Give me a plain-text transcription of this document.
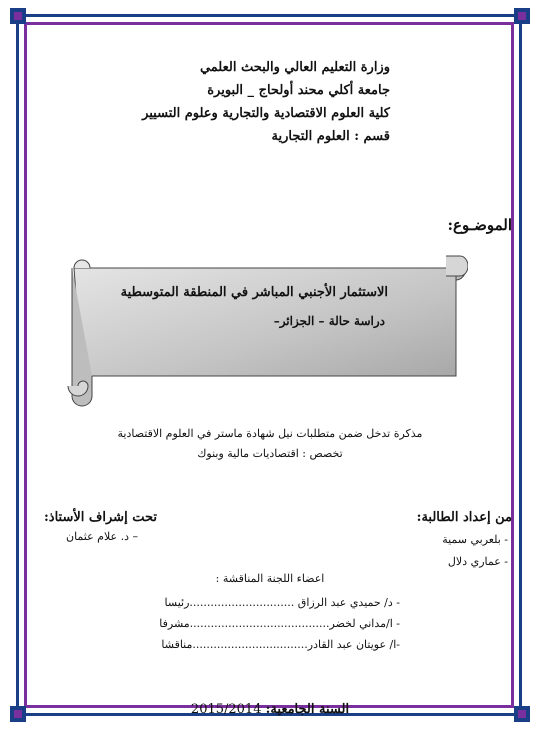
وزارة التعليم العالي والبحث العلمي
جامعة أكلي محند أولحاج _ البويرة
كلية العلوم الاقتصادية والتجارية وعلوم التسيير
قسم : العلوم التجارية
الموضـوع:
الاستثمار الأجنبي المباشر في المنطقة المتوسطية
دراسة حالة – الجزائر–
مذكرة تدخل ضمن متطلبات نيل شهادة ماستر في العلوم الاقتصادية
تخصص : اقتصاديات مالية وبنوك
من إعداد الطالبة:
- بلعربي سمية
- عماري دلال
تحت إشراف الأستاذ:
– د. علام عثمان
اعضاء اللجنة المناقشة :
- د/ حميدي عبد الرزاق ..............................رئيسا
- ا/مداني لخضر........................................مشرفا
-ا/ عويتان عبد القادر.................................مناقشا
السنة الجامعية: 2015/2014
